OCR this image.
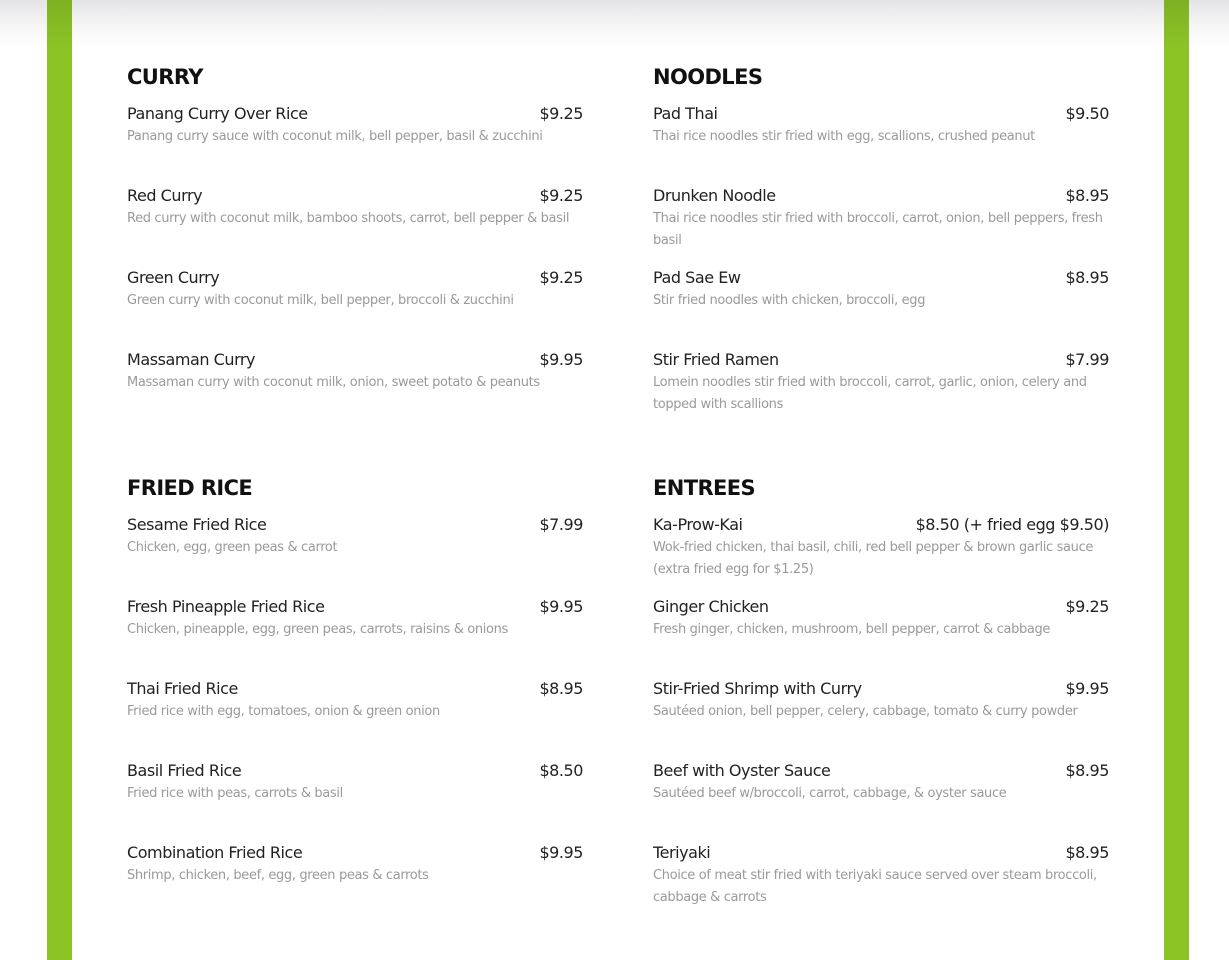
CURRY
Panang Curry Over Rice	$9.25
Panang curry sauce with coconut milk, bell pepper, basil & zucchini
Red Curry	$9.25
Red curry with coconut milk, bamboo shoots, carrot, bell pepper & basil
Green Curry	$9.25
Green curry with coconut milk, bell pepper, broccoli & zucchini
Massaman Curry	$9.95
Massaman curry with coconut milk, onion, sweet potato & peanuts
NOODLES
Pad Thai	$9.50
Thai rice noodles stir fried with egg, scallions, crushed peanut
Drunken Noodle	$8.95
Thai rice noodles stir fried with broccoli, carrot, onion, bell peppers, fresh basil
Pad Sae Ew	$8.95
Stir fried noodles with chicken, broccoli, egg
Stir Fried Ramen	$7.99
Lomein noodles stir fried with broccoli, carrot, garlic, onion, celery and topped with scallions
FRIED RICE
Sesame Fried Rice	$7.99
Chicken, egg, green peas & carrot
Fresh Pineapple Fried Rice	$9.95
Chicken, pineapple, egg, green peas, carrots, raisins & onions
Thai Fried Rice	$8.95
Fried rice with egg, tomatoes, onion & green onion
Basil Fried Rice	$8.50
Fried rice with peas, carrots & basil
Combination Fried Rice	$9.95
Shrimp, chicken, beef, egg, green peas & carrots
ENTREES
Ka-Prow-Kai	$8.50 (+ fried egg $9.50)
Wok-fried chicken, thai basil, chili, red bell pepper & brown garlic sauce (extra fried egg for $1.25)
Ginger Chicken	$9.25
Fresh ginger, chicken, mushroom, bell pepper, carrot & cabbage
Stir-Fried Shrimp with Curry	$9.95
Sautéed onion, bell pepper, celery, cabbage, tomato & curry powder
Beef with Oyster Sauce	$8.95
Sautéed beef w/broccoli, carrot, cabbage, & oyster sauce
Teriyaki	$8.95
Choice of meat stir fried with teriyaki sauce served over steam broccoli, cabbage & carrots
